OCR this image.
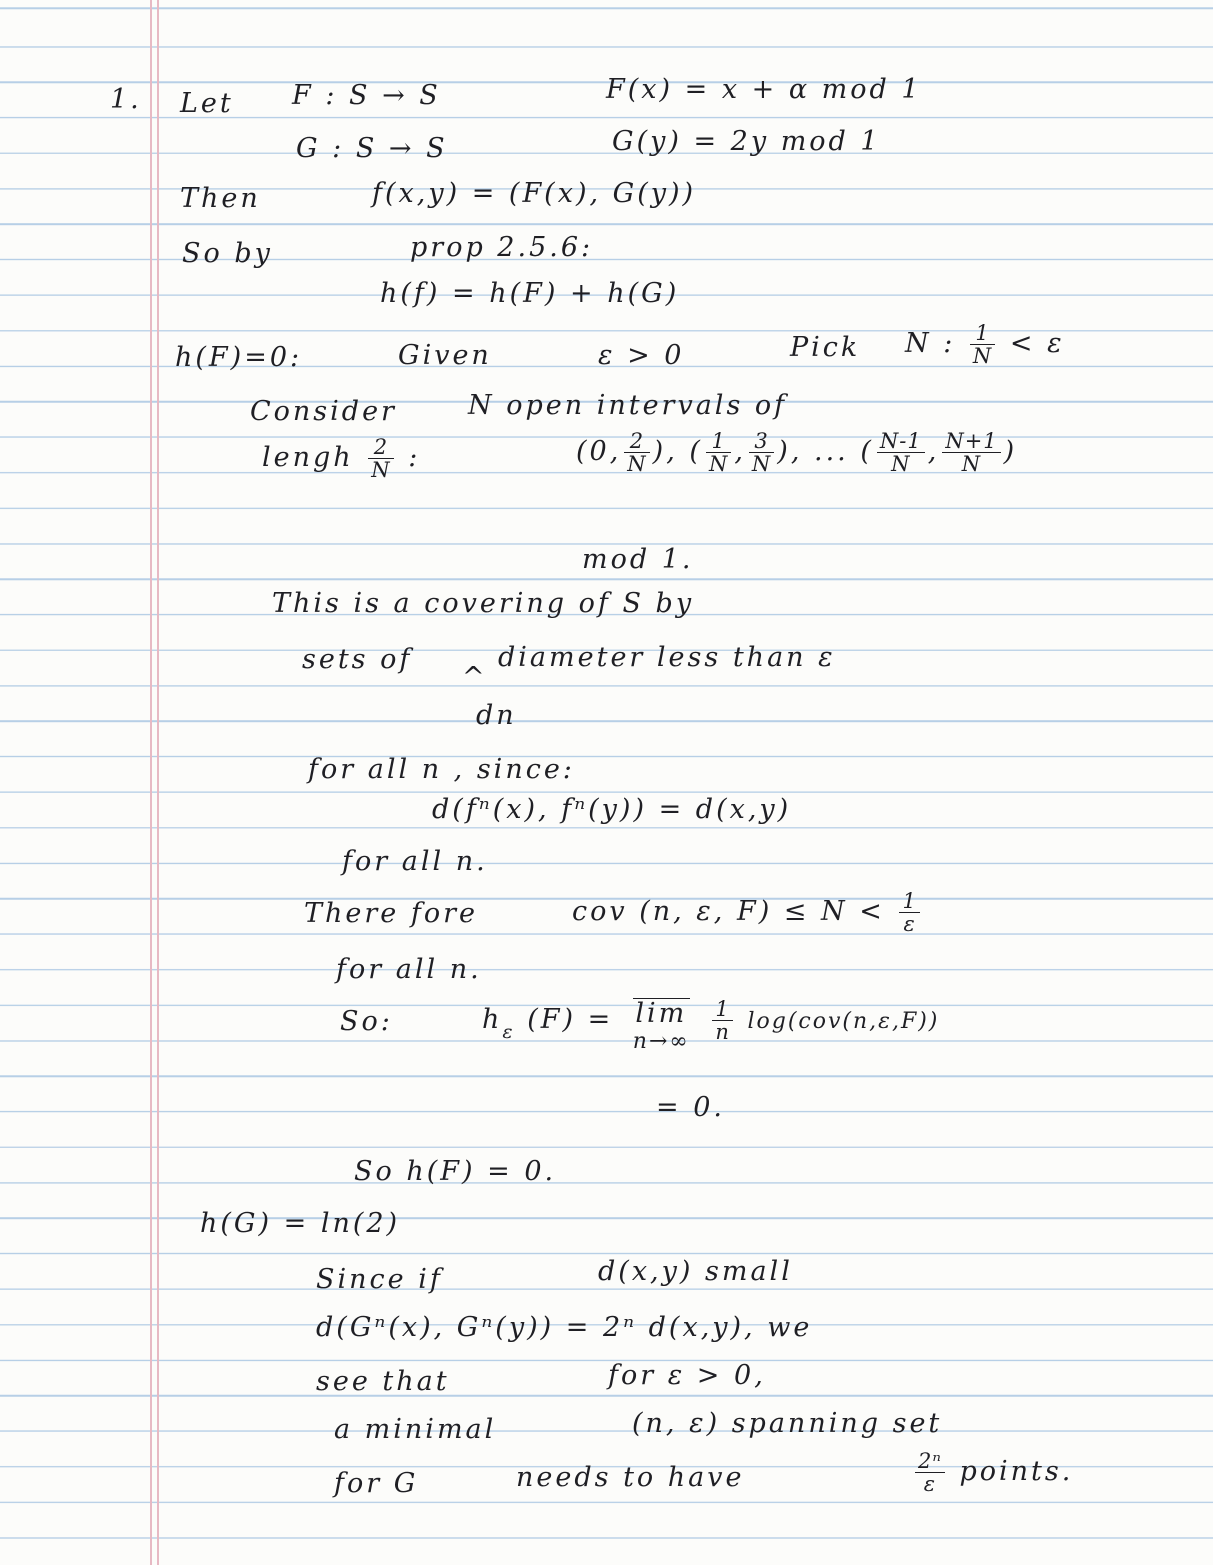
1. Let F : S → S	F(x) = x + α mod 1
G : S → S	G(y) = 2y mod 1
Then	f(x,y) = (F(x), G(y))
So by	prop 2.5.6:
h(f) = h(F) + h(G)
h(F)=0:	Given	ε > 0	Pick N : $\frac{1}{N} < \varepsilon$
Consider	N open intervals of
lengh $\frac{2}{N}$ :	(0, $\frac{2}{N}$ ), ( $\frac{1}{N}$ , $\frac{3}{N}$ ), ... ( $\frac{N-1}{N}$ , $\frac{N+1}{N}$ )
mod 1.
This is a covering of S by
sets of
^
diameter less than ε
dn
for all n , since:
d(fⁿ(x), fⁿ(y)) = d(x,y)
for all n.
There fore	cov (n, ε, $F) \le N < \frac{1}{\varepsilon}$
for all n.
So:	$h_\varepsilon$ (F) = lim
n→∞
$\frac{1}{n} \log(cov(n,\varepsilon,F))$
= 0.
So h(F) = 0.
h(G) = ln(2)
Since if	d(x,y) small
d(Gⁿ(x), Gⁿ(y)) = 2ⁿ d(x,y), we
see that	for ε > 0,
a minimal	(n, ε) spanning set
for G	needs to have	$\frac{\text{2ⁿ}}{\varepsilon}$ points.
